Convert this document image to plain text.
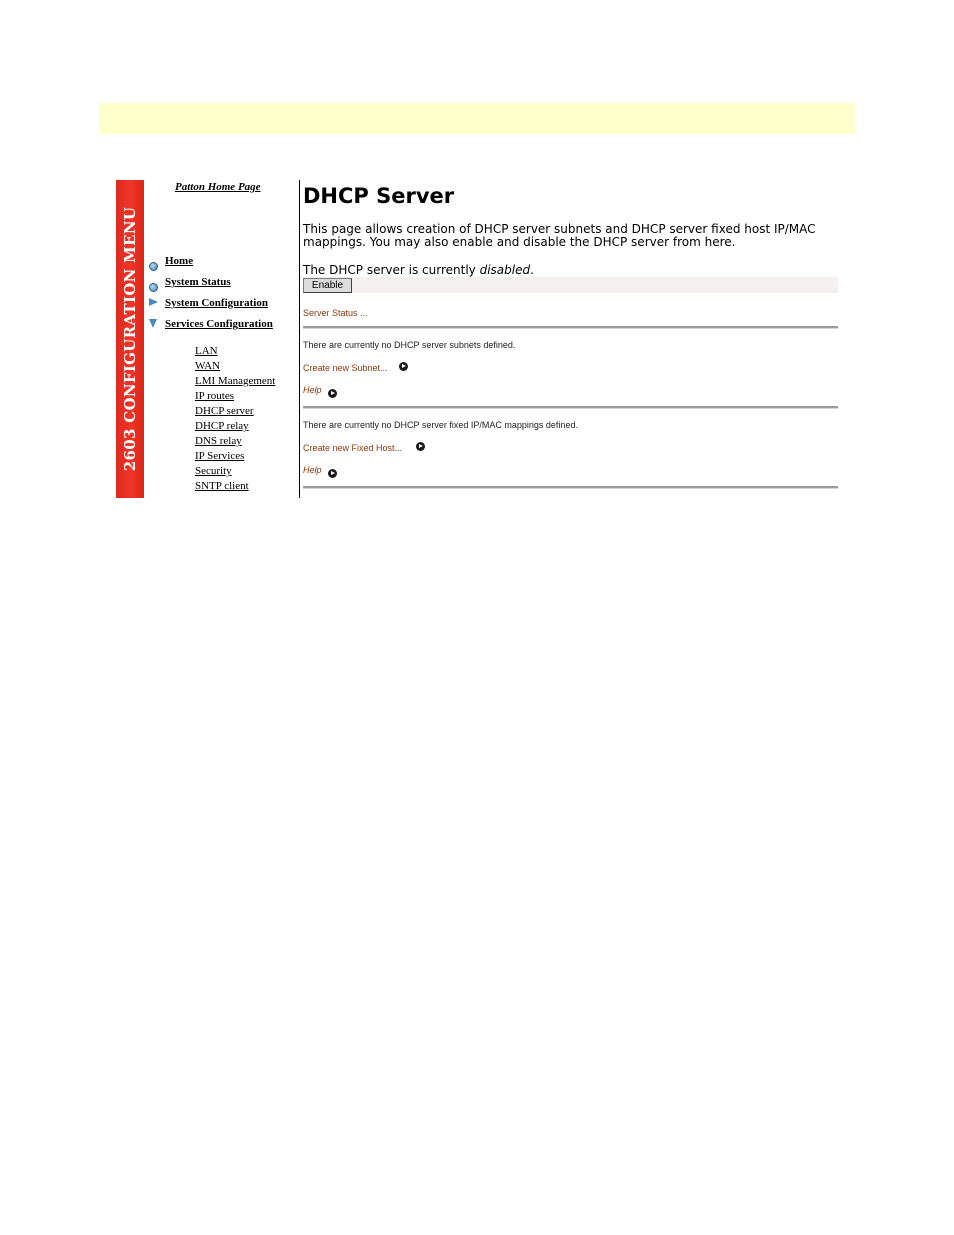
2603 CONFIGURATION MENU
Patton Home Page
Home
System Status
System Configuration
Services Configuration
LAN
WAN
LMI Management
IP routes
DHCP server
DHCP relay
DNS relay
IP Services
Security
SNTP client
DHCP Server

This page allows creation of DHCP server subnets and DHCP server fixed host IP/MAC mappings. You may also enable and disable the DHCP server from here.

The DHCP server is currently disabled.
Enable
Server Status ...
There are currently no DHCP server subnets defined.
Create new Subnet...
Help
There are currently no DHCP server fixed IP/MAC mappings defined.
Create new Fixed Host...
Help
